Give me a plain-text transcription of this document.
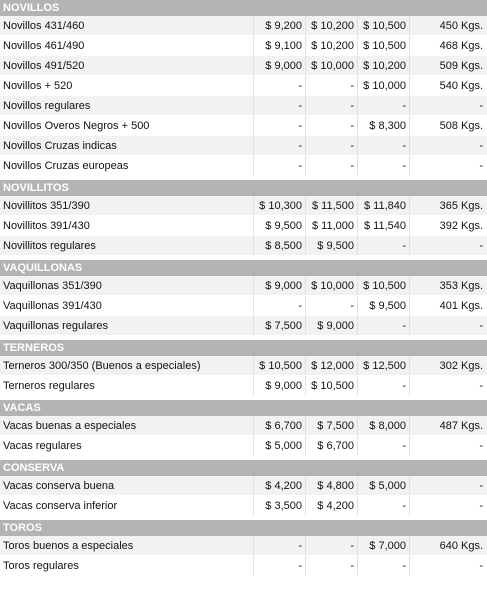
NOVILLOS
Novillos 431/460	$ 9,200 $ 10,200 $ 10,500	450 Kgs.
Novillos 461/490	$ 9,100 $ 10,200 $ 10,500	468 Kgs.
Novillos 491/520	$ 9,000 $ 10,000 $ 10,200	509 Kgs.
Novillos + 520	-	- $ 10,000	540 Kgs.
Novillos regulares	-	-	-	-
Novillos Overos Negros + 500	-	-	$ 8,300	508 Kgs.
Novillos Cruzas indicas	-	-	-	-
Novillos Cruzas europeas	-	-	-	-
NOVILLITOS
Novillitos 351/390	$ 10,300 $ 11,500 $ 11,840	365 Kgs.
Novillitos 391/430	$ 9,500 $ 11,000 $ 11,540	392 Kgs.
Novillitos regulares	$ 8,500	$ 9,500	-	-
VAQUILLONAS
Vaquillonas 351/390	$ 9,000 $ 10,000 $ 10,500	353 Kgs.
Vaquillonas 391/430	-	-	$ 9,500	401 Kgs.
Vaquillonas regulares	$ 7,500	$ 9,000	-	-
TERNEROS
Terneros 300/350 (Buenos a especiales)	$ 10,500 $ 12,000 $ 12,500	302 Kgs.
Terneros regulares	$ 9,000 $ 10,500	-	-
VACAS
Vacas buenas a especiales	$ 6,700	$ 7,500	$ 8,000	487 Kgs.
Vacas regulares	$ 5,000	$ 6,700	-	-
CONSERVA
Vacas conserva buena	$ 4,200	$ 4,800	$ 5,000	-
Vacas conserva inferior	$ 3,500	$ 4,200	-	-
TOROS
Toros buenos a especiales	-	-	$ 7,000	640 Kgs.
Toros regulares	-	-	-	-
